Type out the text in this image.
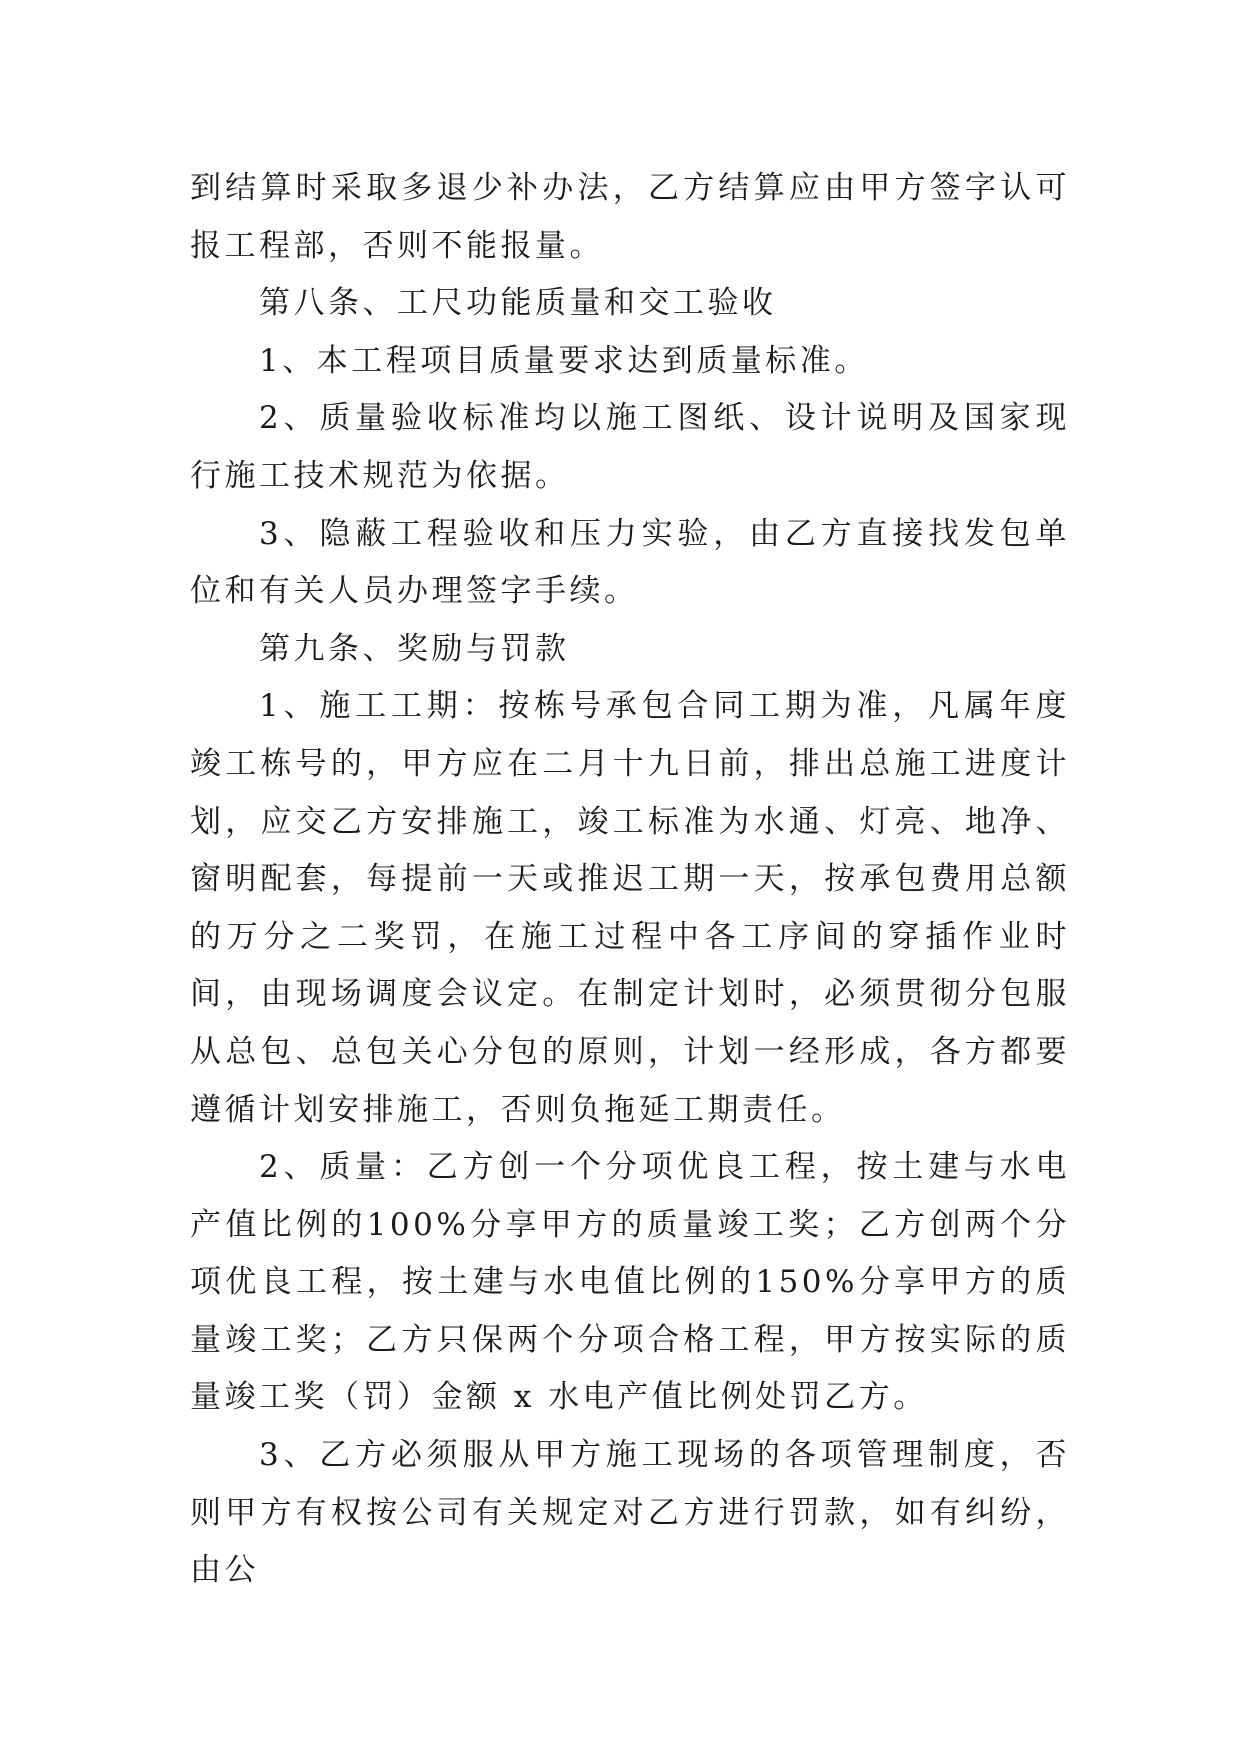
到结算时采取多退少补办法，乙方结算应由甲方签字认可报工程部，否则不能报量。

第八条、工尺功能质量和交工验收

1、本工程项目质量要求达到质量标准。

2、质量验收标准均以施工图纸、设计说明及国家现行施工技术规范为依据。

3、隐蔽工程验收和压力实验，由乙方直接找发包单位和有关人员办理签字手续。

第九条、奖励与罚款

1、施工工期：按栋号承包合同工期为准，凡属年度竣工栋号的，甲方应在二月十九日前，排出总施工进度计划，应交乙方安排施工，竣工标准为水通、灯亮、地净、窗明配套，每提前一天或推迟工期一天，按承包费用总额的万分之二奖罚，在施工过程中各工序间的穿插作业时间，由现场调度会议定。在制定计划时，必须贯彻分包服从总包、总包关心分包的原则，计划一经形成，各方都要遵循计划安排施工，否则负拖延工期责任。

2、质量：乙方创一个分项优良工程，按土建与水电产值比例的100%分享甲方的质量竣工奖；乙方创两个分项优良工程，按土建与水电值比例的150%分享甲方的质量竣工奖；乙方只保两个分项合格工程，甲方按实际的质量竣工奖（罚）金额 x 水电产值比例处罚乙方。

3、乙方必须服从甲方施工现场的各项管理制度，否则甲方有权按公司有关规定对乙方进行罚款，如有纠纷，由公
